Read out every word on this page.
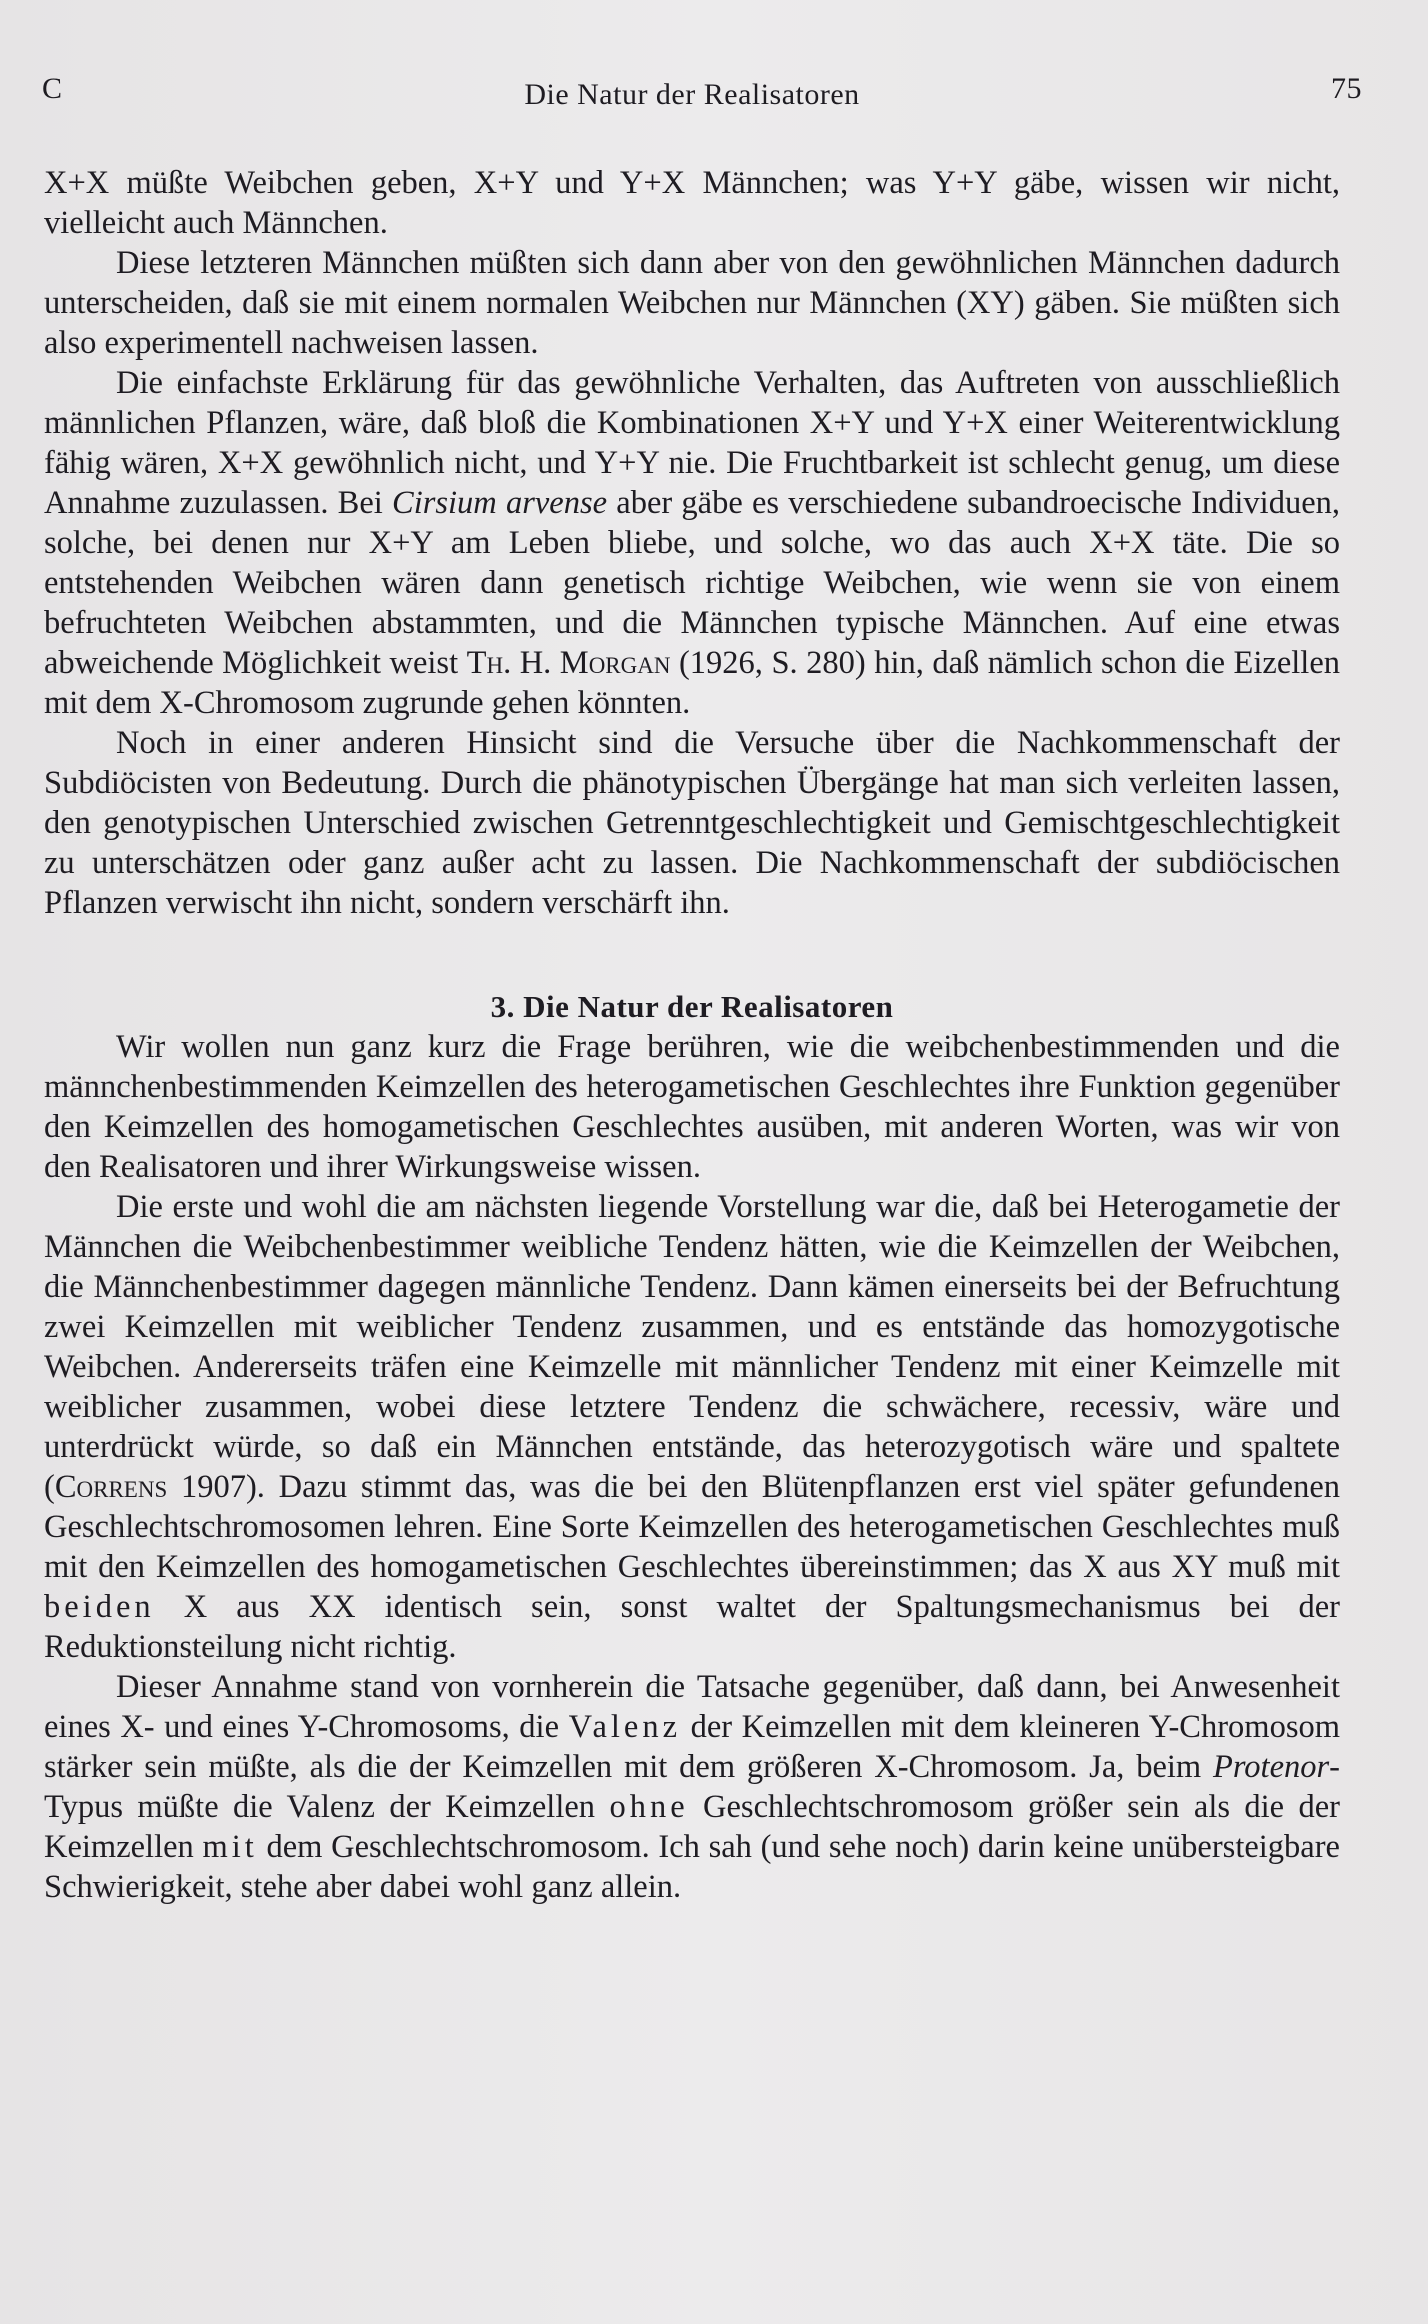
C	Die Natur der Realisatoren	75

X+X müßte Weibchen geben, X+Y und Y+X Männchen; was Y+Y gäbe, wissen wir nicht, vielleicht auch Männchen.

Diese letzteren Männchen müßten sich dann aber von den gewöhnlichen Männchen dadurch unterscheiden, daß sie mit einem normalen Weibchen nur Männchen (XY) gäben. Sie müßten sich also experimentell nachweisen lassen.

Die einfachste Erklärung für das gewöhnliche Verhalten, das Auftreten von ausschließlich männlichen Pflanzen, wäre, daß bloß die Kombinationen X+Y und Y+X einer Weiterentwicklung fähig wären, X+X gewöhnlich nicht, und Y+Y nie. Die Fruchtbarkeit ist schlecht genug, um diese Annahme zuzulassen. Bei Cirsium arvense aber gäbe es verschiedene subandroecische Individuen, solche, bei denen nur X+Y am Leben bliebe, und solche, wo das auch X+X täte. Die so entstehenden Weibchen wären dann genetisch richtige Weibchen, wie wenn sie von einem befruchteten Weibchen abstammten, und die Männchen typische Männchen. Auf eine etwas abweichende Möglichkeit weist Th. H. Morgan (1926, S. 280) hin, daß nämlich schon die Eizellen mit dem X-Chromosom zugrunde gehen könnten.

Noch in einer anderen Hinsicht sind die Versuche über die Nachkommenschaft der Subdiöcisten von Bedeutung. Durch die phänotypischen Übergänge hat man sich verleiten lassen, den genotypischen Unterschied zwischen Getrenntgeschlechtigkeit und Gemischtgeschlechtigkeit zu unterschätzen oder ganz außer acht zu lassen. Die Nachkommenschaft der subdiöcischen Pflanzen verwischt ihn nicht, sondern verschärft ihn.

3. Die Natur der Realisatoren

Wir wollen nun ganz kurz die Frage berühren, wie die weibchenbestimmenden und die männchenbestimmenden Keimzellen des heterogametischen Geschlechtes ihre Funktion gegenüber den Keimzellen des homogametischen Geschlechtes ausüben, mit anderen Worten, was wir von den Realisatoren und ihrer Wirkungsweise wissen.

Die erste und wohl die am nächsten liegende Vorstellung war die, daß bei Heterogametie der Männchen die Weibchenbestimmer weibliche Tendenz hätten, wie die Keimzellen der Weibchen, die Männchenbestimmer dagegen männliche Tendenz. Dann kämen einerseits bei der Befruchtung zwei Keimzellen mit weiblicher Tendenz zusammen, und es entstände das homozygotische Weibchen. Andererseits träfen eine Keimzelle mit männlicher Tendenz mit einer Keimzelle mit weiblicher zusammen, wobei diese letztere Tendenz die schwächere, recessiv, wäre und unterdrückt würde, so daß ein Männchen entstände, das heterozygotisch wäre und spaltete (Correns 1907). Dazu stimmt das, was die bei den Blütenpflanzen erst viel später gefundenen Geschlechtschromosomen lehren. Eine Sorte Keimzellen des heterogametischen Geschlechtes muß mit den Keimzellen des homogametischen Geschlechtes übereinstimmen; das X aus XY muß mit beiden X aus XX identisch sein, sonst waltet der Spaltungsmechanismus bei der Reduktionsteilung nicht richtig.

Dieser Annahme stand von vornherein die Tatsache gegenüber, daß dann, bei Anwesenheit eines X- und eines Y-Chromosoms, die Valenz der Keimzellen mit dem kleineren Y-Chromosom stärker sein müßte, als die der Keimzellen mit dem größeren X-Chromosom. Ja, beim Protenor-Typus müßte die Valenz der Keimzellen ohne Geschlechtschromosom größer sein als die der Keimzellen mit dem Geschlechtschromosom. Ich sah (und sehe noch) darin keine unübersteigbare Schwierigkeit, stehe aber dabei wohl ganz allein.
